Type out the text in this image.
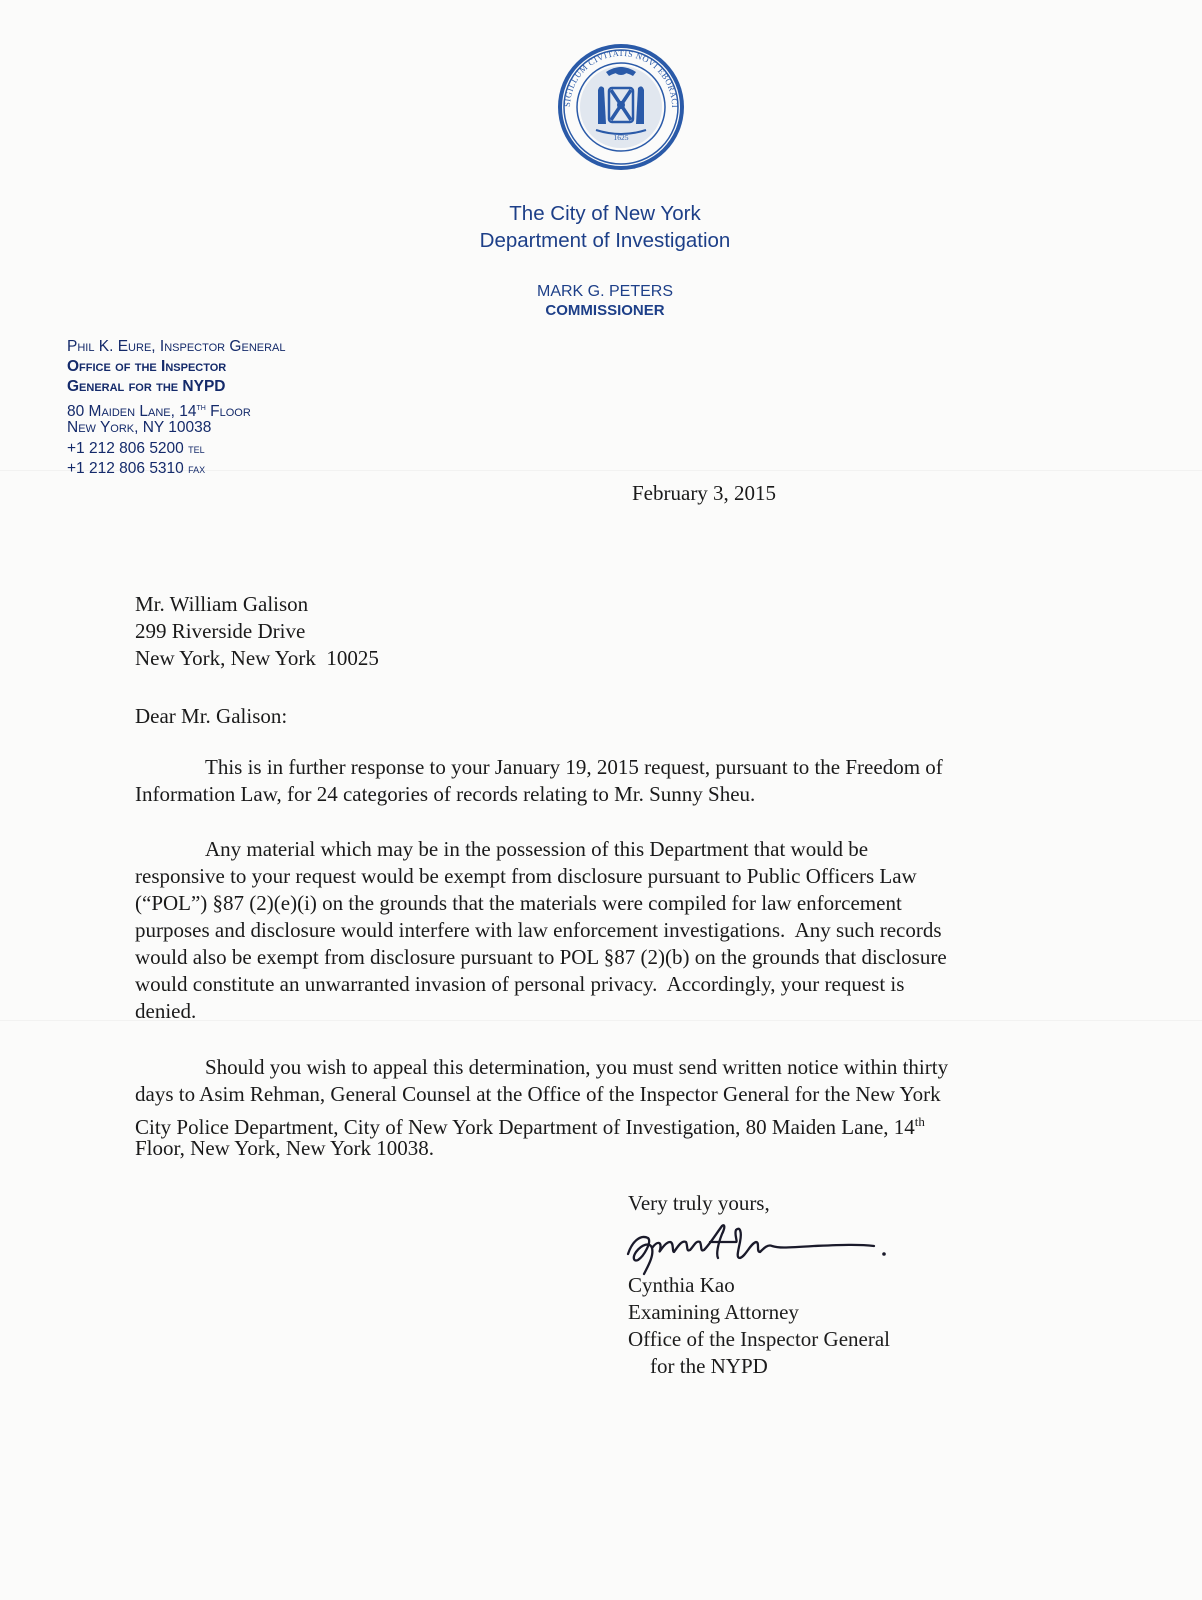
SIGILLUM CIVITATIS NOVI EBORACI
1625
The City of New York
Department of Investigation
MARK G. PETERS
COMMISSIONER
Phil K. Eure, Inspector General
Office of the Inspector
General for the NYPD
80 Maiden Lane, 14th Floor
New York, NY 10038
+1 212 806 5200 tel
+1 212 806 5310 fax
February 3, 2015
Mr. William Galison
299 Riverside Drive
New York, New York  10025
Dear Mr. Galison:
This is in further response to your January 19, 2015 request, pursuant to the Freedom of
Information Law, for 24 categories of records relating to Mr. Sunny Sheu.
Any material which may be in the possession of this Department that would be
responsive to your request would be exempt from disclosure pursuant to Public Officers Law
(“POL”) §87 (2)(e)(i) on the grounds that the materials were compiled for law enforcement
purposes and disclosure would interfere with law enforcement investigations.  Any such records
would also be exempt from disclosure pursuant to POL §87 (2)(b) on the grounds that disclosure
would constitute an unwarranted invasion of personal privacy.  Accordingly, your request is
denied.
Should you wish to appeal this determination, you must send written notice within thirty
days to Asim Rehman, General Counsel at the Office of the Inspector General for the New York
City Police Department, City of New York Department of Investigation, 80 Maiden Lane, 14th
Floor, New York, New York 10038.
Very truly yours,
Cynthia Kao
Examining Attorney
Office of the Inspector General
for the NYPD
